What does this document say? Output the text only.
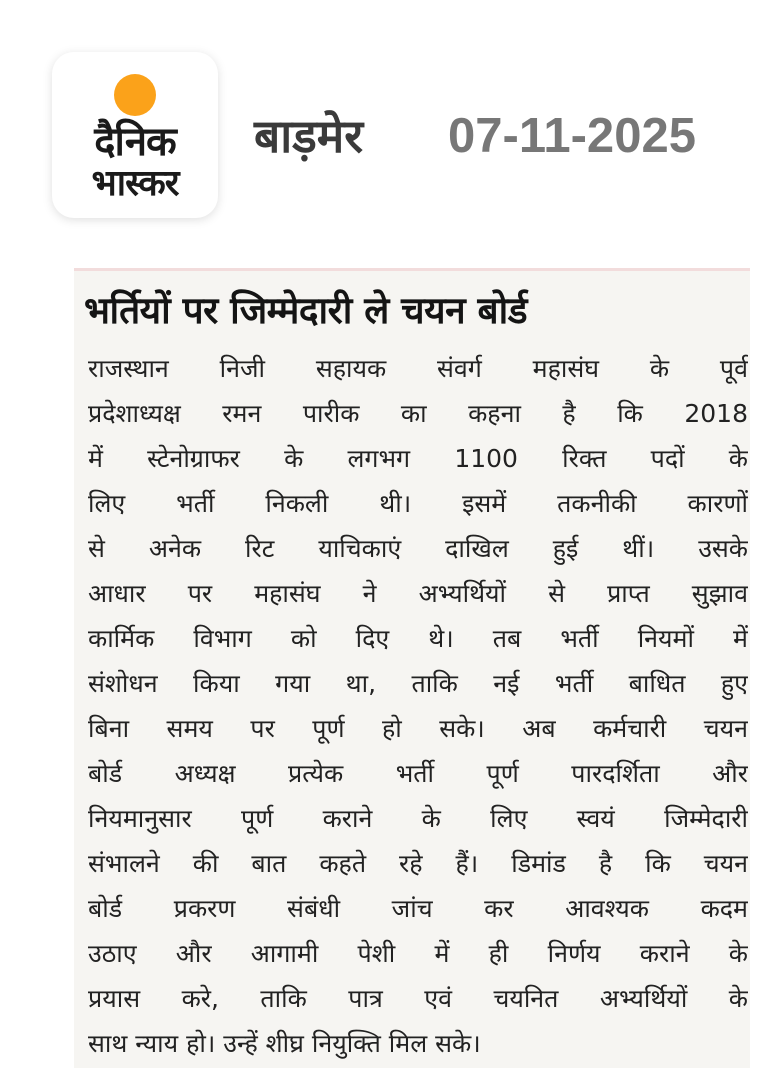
दैनिक
भास्कर
बाड़मेर 07-11-2025
भर्तियों पर जिम्मेदारी ले चयन बोर्ड
राजस्थान निजी सहायक संवर्ग महासंघ के पूर्व
प्रदेशाध्यक्ष रमन पारीक का कहना है कि 2018
में स्टेनोग्राफर के लगभग 1100 रिक्त पदों के
लिए भर्ती निकली थी। इसमें तकनीकी कारणों
से अनेक रिट याचिकाएं दाखिल हुई थीं। उसके
आधार पर महासंघ ने अभ्यर्थियों से प्राप्त सुझाव
कार्मिक विभाग को दिए थे। तब भर्ती नियमों में
संशोधन किया गया था, ताकि नई भर्ती बाधित हुए
बिना समय पर पूर्ण हो सके। अब कर्मचारी चयन
बोर्ड अध्यक्ष प्रत्येक भर्ती पूर्ण पारदर्शिता और
नियमानुसार पूर्ण कराने के लिए स्वयं जिम्मेदारी
संभालने की बात कहते रहे हैं। डिमांड है कि चयन
बोर्ड प्रकरण संबंधी जांच कर आवश्यक कदम
उठाए और आगामी पेशी में ही निर्णय कराने के
प्रयास करे, ताकि पात्र एवं चयनित अभ्यर्थियों के
साथ न्याय हो। उन्हें शीघ्र नियुक्ति मिल सके।
